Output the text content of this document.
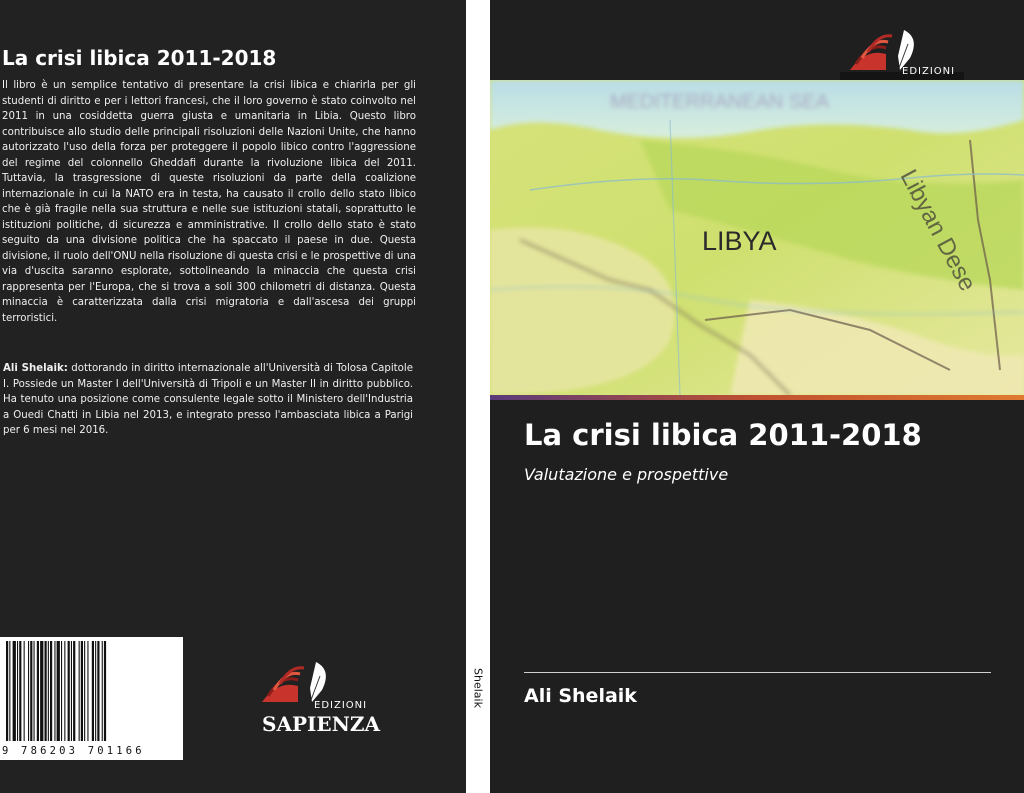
La crisi libica 2011-2018

Il libro è un semplice tentativo di presentare la crisi libica e chiarirla per gli studenti di diritto e per i lettori francesi, che il loro governo è stato coinvolto nel 2011 in una cosiddetta guerra giusta e umanitaria in Libia. Questo libro contribuisce allo studio delle principali risoluzioni delle Nazioni Unite, che hanno autorizzato l'uso della forza per proteggere il popolo libico contro l'aggressione del regime del colonnello Gheddafi durante la rivoluzione libica del 2011. Tuttavia, la trasgressione di queste risoluzioni da parte della coalizione internazionale in cui la NATO era in testa, ha causato il crollo dello stato libico che è già fragile nella sua struttura e nelle sue istituzioni statali, soprattutto le istituzioni politiche, di sicurezza e amministrative. Il crollo dello stato è stato seguito da una divisione politica che ha spaccato il paese in due. Questa divisione, il ruolo dell'ONU nella risoluzione di questa crisi e le prospettive di una via d'uscita saranno esplorate, sottolineando la minaccia che questa crisi rappresenta per l'Europa, che si trova a soli 300 chilometri di distanza. Questa minaccia è caratterizzata dalla crisi migratoria e dall'ascesa dei gruppi terroristici.

Ali Shelaik: dottorando in diritto internazionale all'Università di Tolosa Capitole I. Possiede un Master I dell'Università di Tripoli e un Master II in diritto pubblico. Ha tenuto una posizione come consulente legale sotto il Ministero dell'Industria a Ouedi Chatti in Libia nel 2013, e integrato presso l'ambasciata libica a Parigi per 6 mesi nel 2016.

9 786203 701166
EDIZIONI
SAPIENZA
Shelaik
EDIZIONI
MEDITERRANEAN SEA
LIBYA	Libyan Dese
La crisi libica 2011-2018
Valutazione e prospettive
Ali Shelaik
